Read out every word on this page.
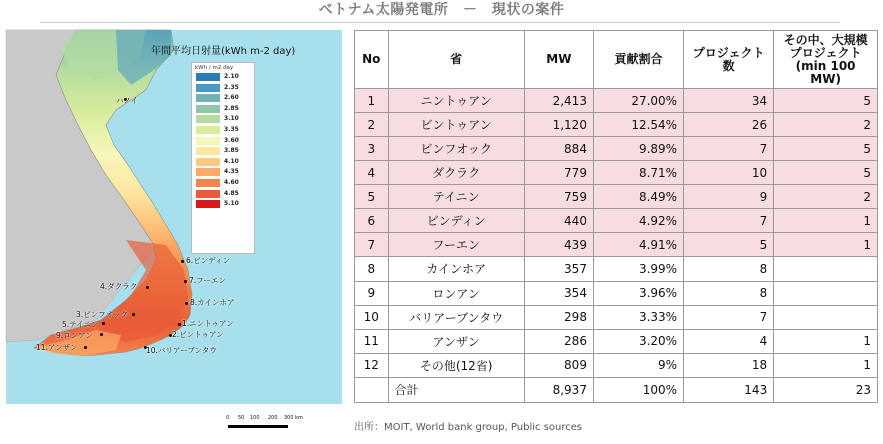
ベトナム太陽発電所　－　現状の案件
年間平均日射量(kWh m-2 day)
kWh / m2 day
2.10
2.35
2.60
2.85
3.10
3.35
3.60
3.85
4.10
4.35
4.60
4.85
5.10
ハノイ
6.ビンディン
7.フーエン
4.ダクラク
8.カインホア
3.ビンフオック
5.テイニン	1.ニントゥアン
9.ロンアン	2.ビントゥアン
11.アンザン	10.バリアーブンタウ
0 50 100 200 300 km
No	省	MW	貢献割合	プロジェクト数	その中、大規模プロジェクト(min 100 MW)
1	ニントゥアン	2,413	27.00%	34	5
2	ビントゥアン	1,120	12.54%	26	2
3	ビンフオック	884	9.89%	7	5
4	ダクラク	779	8.71%	10	5
5	テイニン	759	8.49%	9	2
6	ビンディン	440	4.92%	7	1
7	フーエン	439	4.91%	5	1
8	カインホア	357	3.99%	8	
9	ロンアン	354	3.96%	8	
10	バリアーブンタウ	298	3.33%	7	
11	アンザン	286	3.20%	4	1
12	その他(12省)	809	9%	18	1
	合計	8,937	100%	143	23
出所：MOIT, World bank group, Public sources
